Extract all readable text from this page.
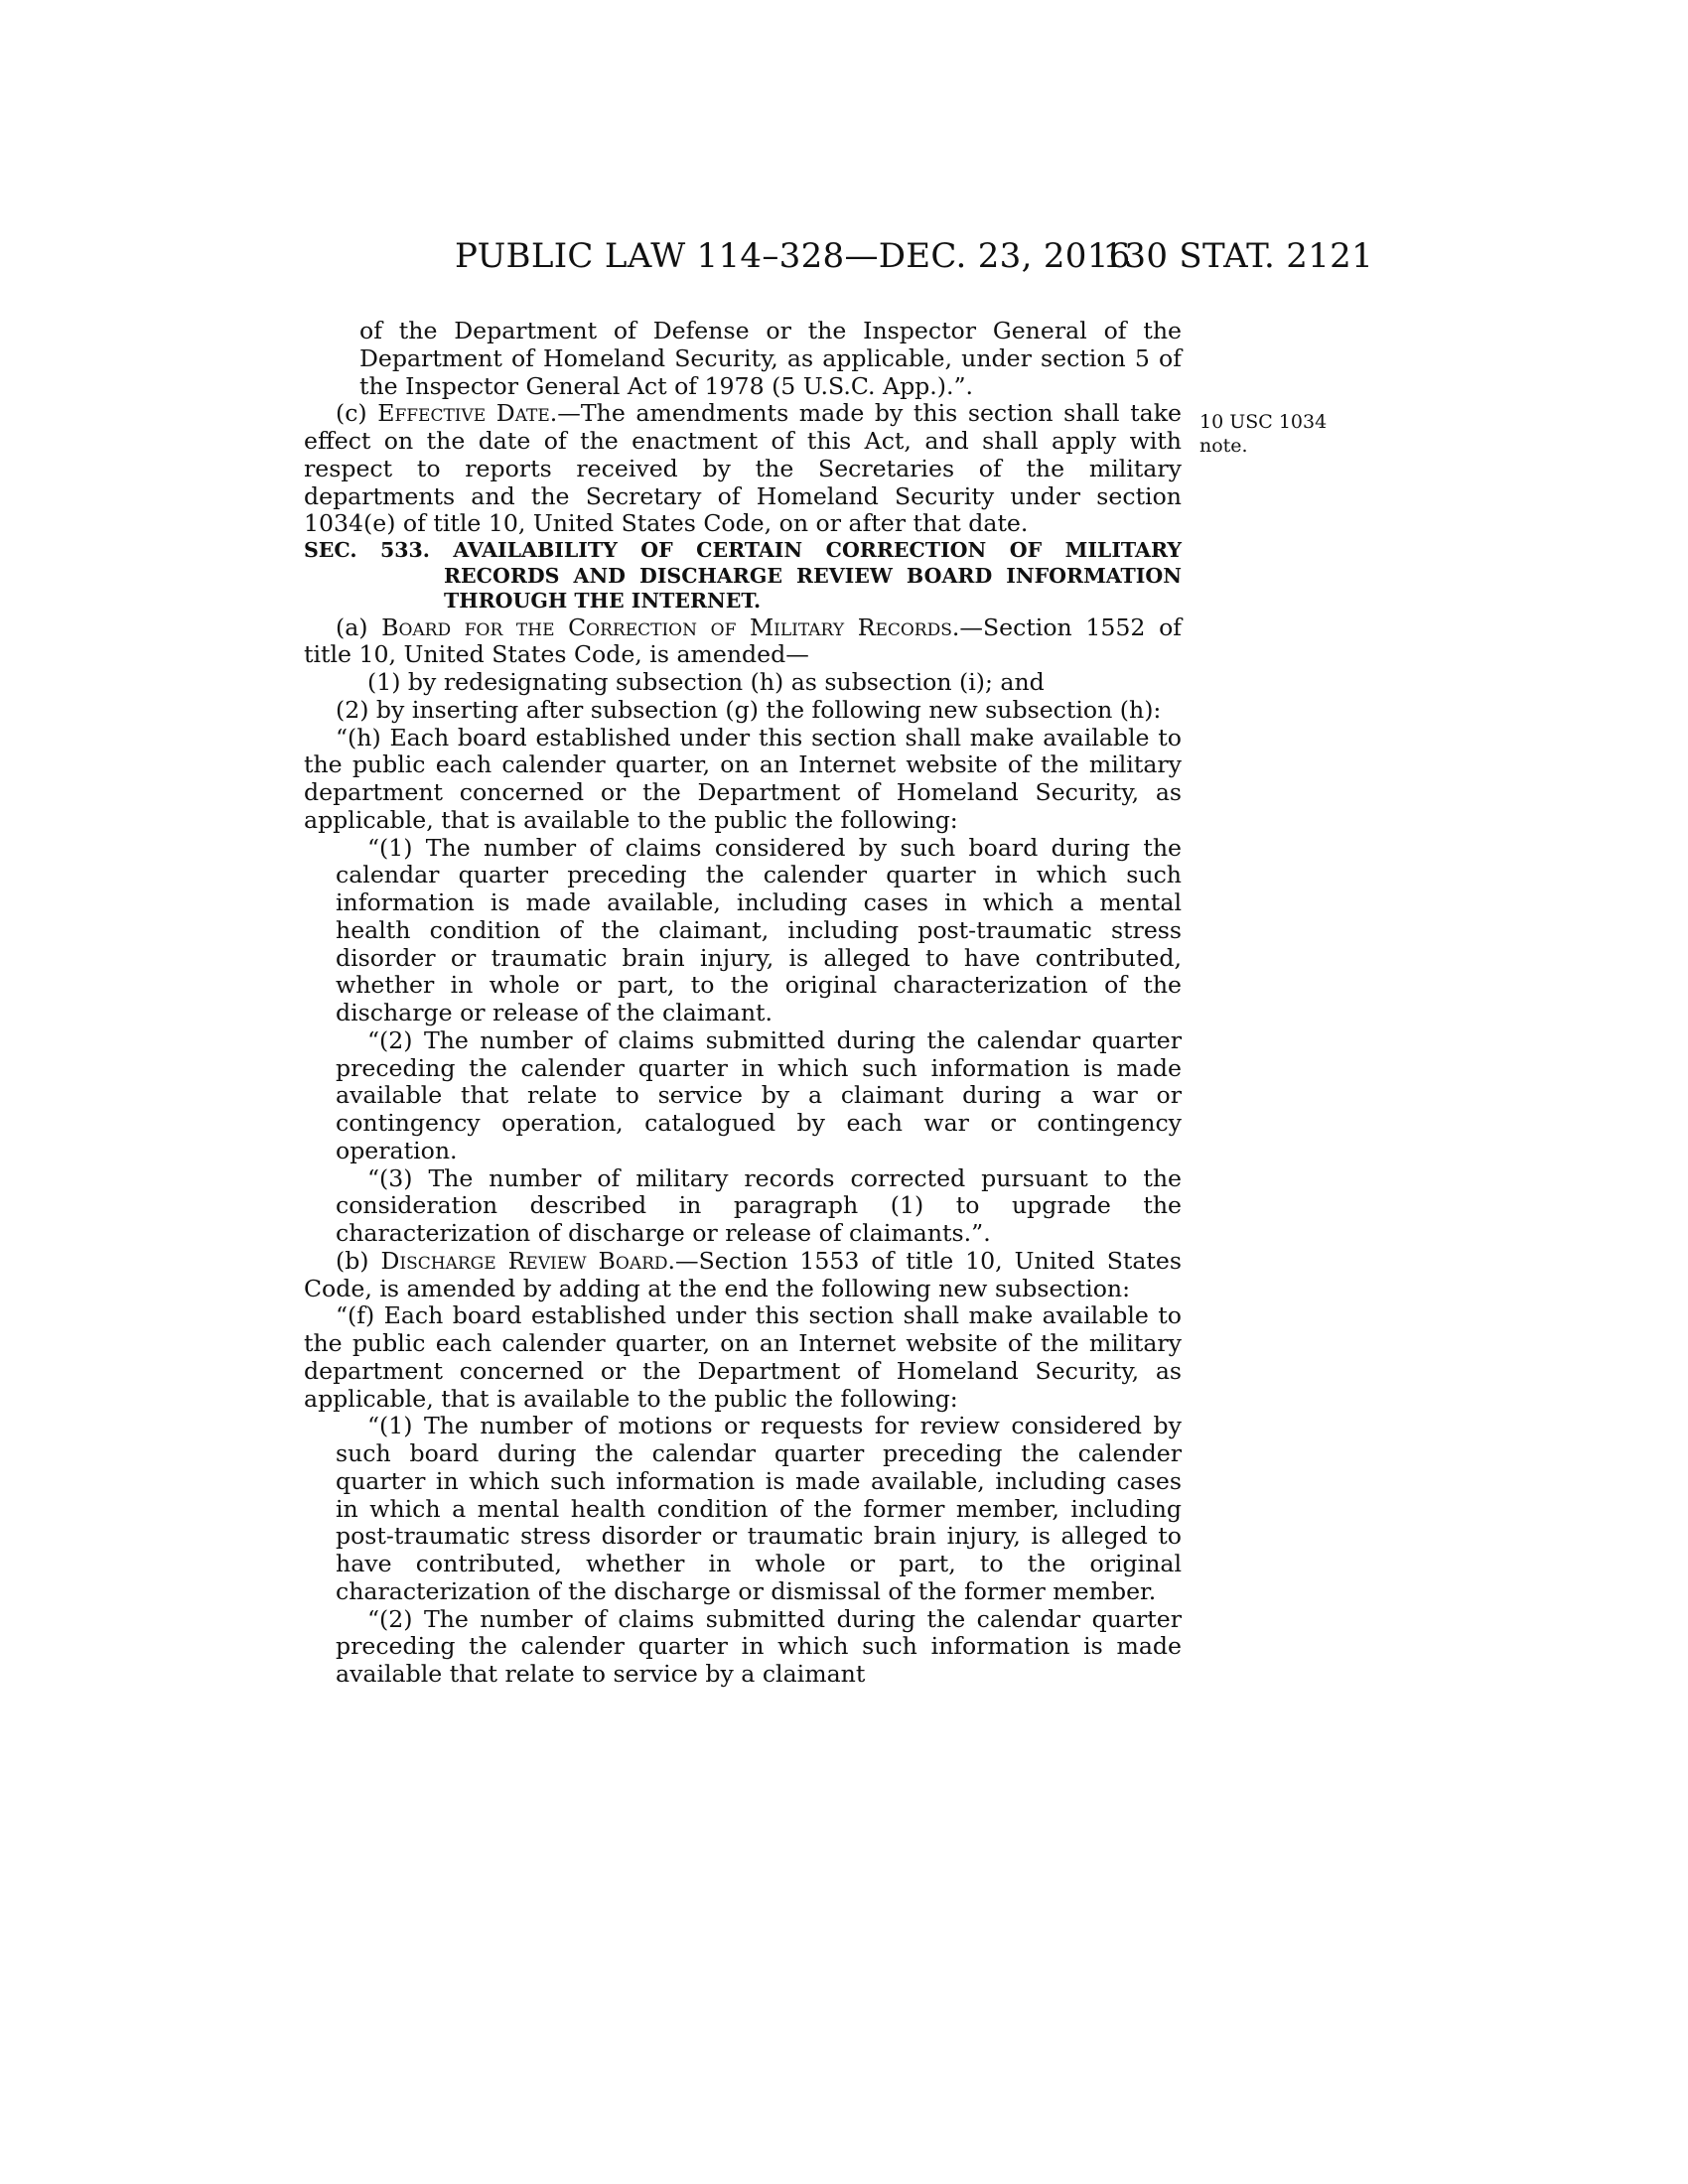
PUBLIC LAW 114–328—DEC. 23, 2016
130 STAT. 2121
10 USC 1034
note.

of the Department of Defense or the Inspector General of the Department of Homeland Security, as applicable, under section 5 of the Inspector General Act of 1978 (5 U.S.C. App.).”.

(c) Effective Date.—The amendments made by this section shall take effect on the date of the enactment of this Act, and shall apply with respect to reports received by the Secretaries of the military departments and the Secretary of Homeland Security under section 1034(e) of title 10, United States Code, on or after that date.

SEC. 533. AVAILABILITY OF CERTAIN CORRECTION OF MILITARY RECORDS AND DISCHARGE REVIEW BOARD INFORMATION THROUGH THE INTERNET.

(a) Board for the Correction of Military Records.—Section 1552 of title 10, United States Code, is amended—

(1) by redesignating subsection (h) as subsection (i); and

(2) by inserting after subsection (g) the following new subsection (h):

“(h) Each board established under this section shall make available to the public each calender quarter, on an Internet website of the military department concerned or the Department of Homeland Security, as applicable, that is available to the public the following:

“(1) The number of claims considered by such board during the calendar quarter preceding the calender quarter in which such information is made available, including cases in which a mental health condition of the claimant, including post-traumatic stress disorder or traumatic brain injury, is alleged to have contributed, whether in whole or part, to the original characterization of the discharge or release of the claimant.

“(2) The number of claims submitted during the calendar quarter preceding the calender quarter in which such information is made available that relate to service by a claimant during a war or contingency operation, catalogued by each war or contingency operation.

“(3) The number of military records corrected pursuant to the consideration described in paragraph (1) to upgrade the characterization of discharge or release of claimants.”.

(b) Discharge Review Board.—Section 1553 of title 10, United States Code, is amended by adding at the end the following new subsection:

“(f) Each board established under this section shall make available to the public each calender quarter, on an Internet website of the military department concerned or the Department of Homeland Security, as applicable, that is available to the public the following:

“(1) The number of motions or requests for review considered by such board during the calendar quarter preceding the calender quarter in which such information is made available, including cases in which a mental health condition of the former member, including post-traumatic stress disorder or traumatic brain injury, is alleged to have contributed, whether in whole or part, to the original characterization of the discharge or dismissal of the former member.

“(2) The number of claims submitted during the calendar quarter preceding the calender quarter in which such information is made available that relate to service by a claimant
